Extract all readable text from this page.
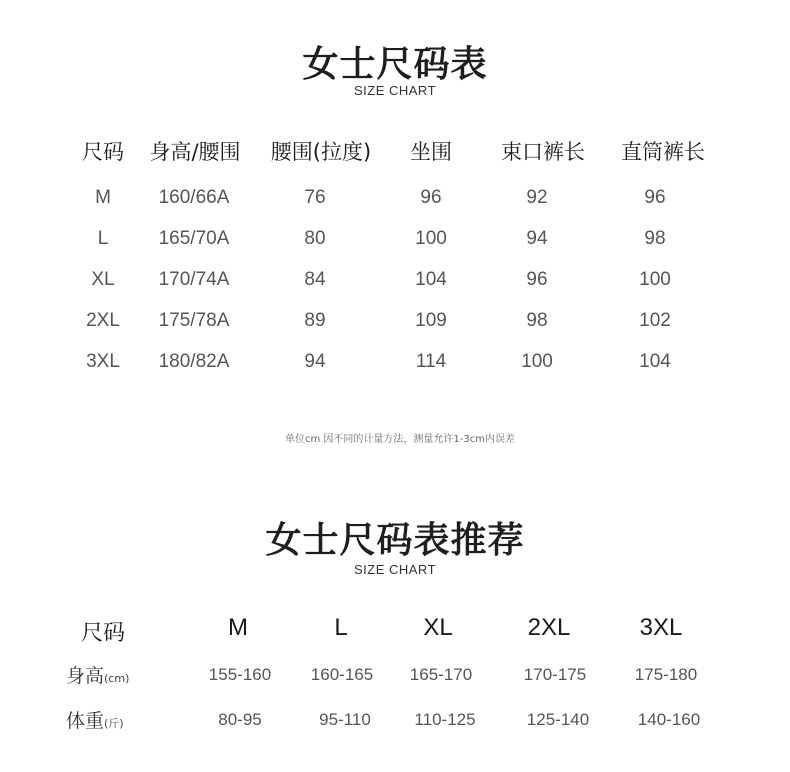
女士尺码表
SIZE CHART
尺码 身高/腰围 腰围(拉度) 坐围 束口裤长 直筒裤长
M	160/66A	76	96	92	96
L	165/70A	80	100	94	98
XL 170/74A	84	104	96	100
2XL 175/78A	89	109	98	102
3XL 180/82A	94	114	100	104
单位cm 因不同的计量方法，测量允许1-3cm内误差
女士尺码表推荐
SIZE CHART
尺码	M	L	XL	2XL	3XL
身高(cm)	155-160 160-165 165-170	170-175	175-180
体重(斤)	80-95	95-110	110-125	125-140	140-160
